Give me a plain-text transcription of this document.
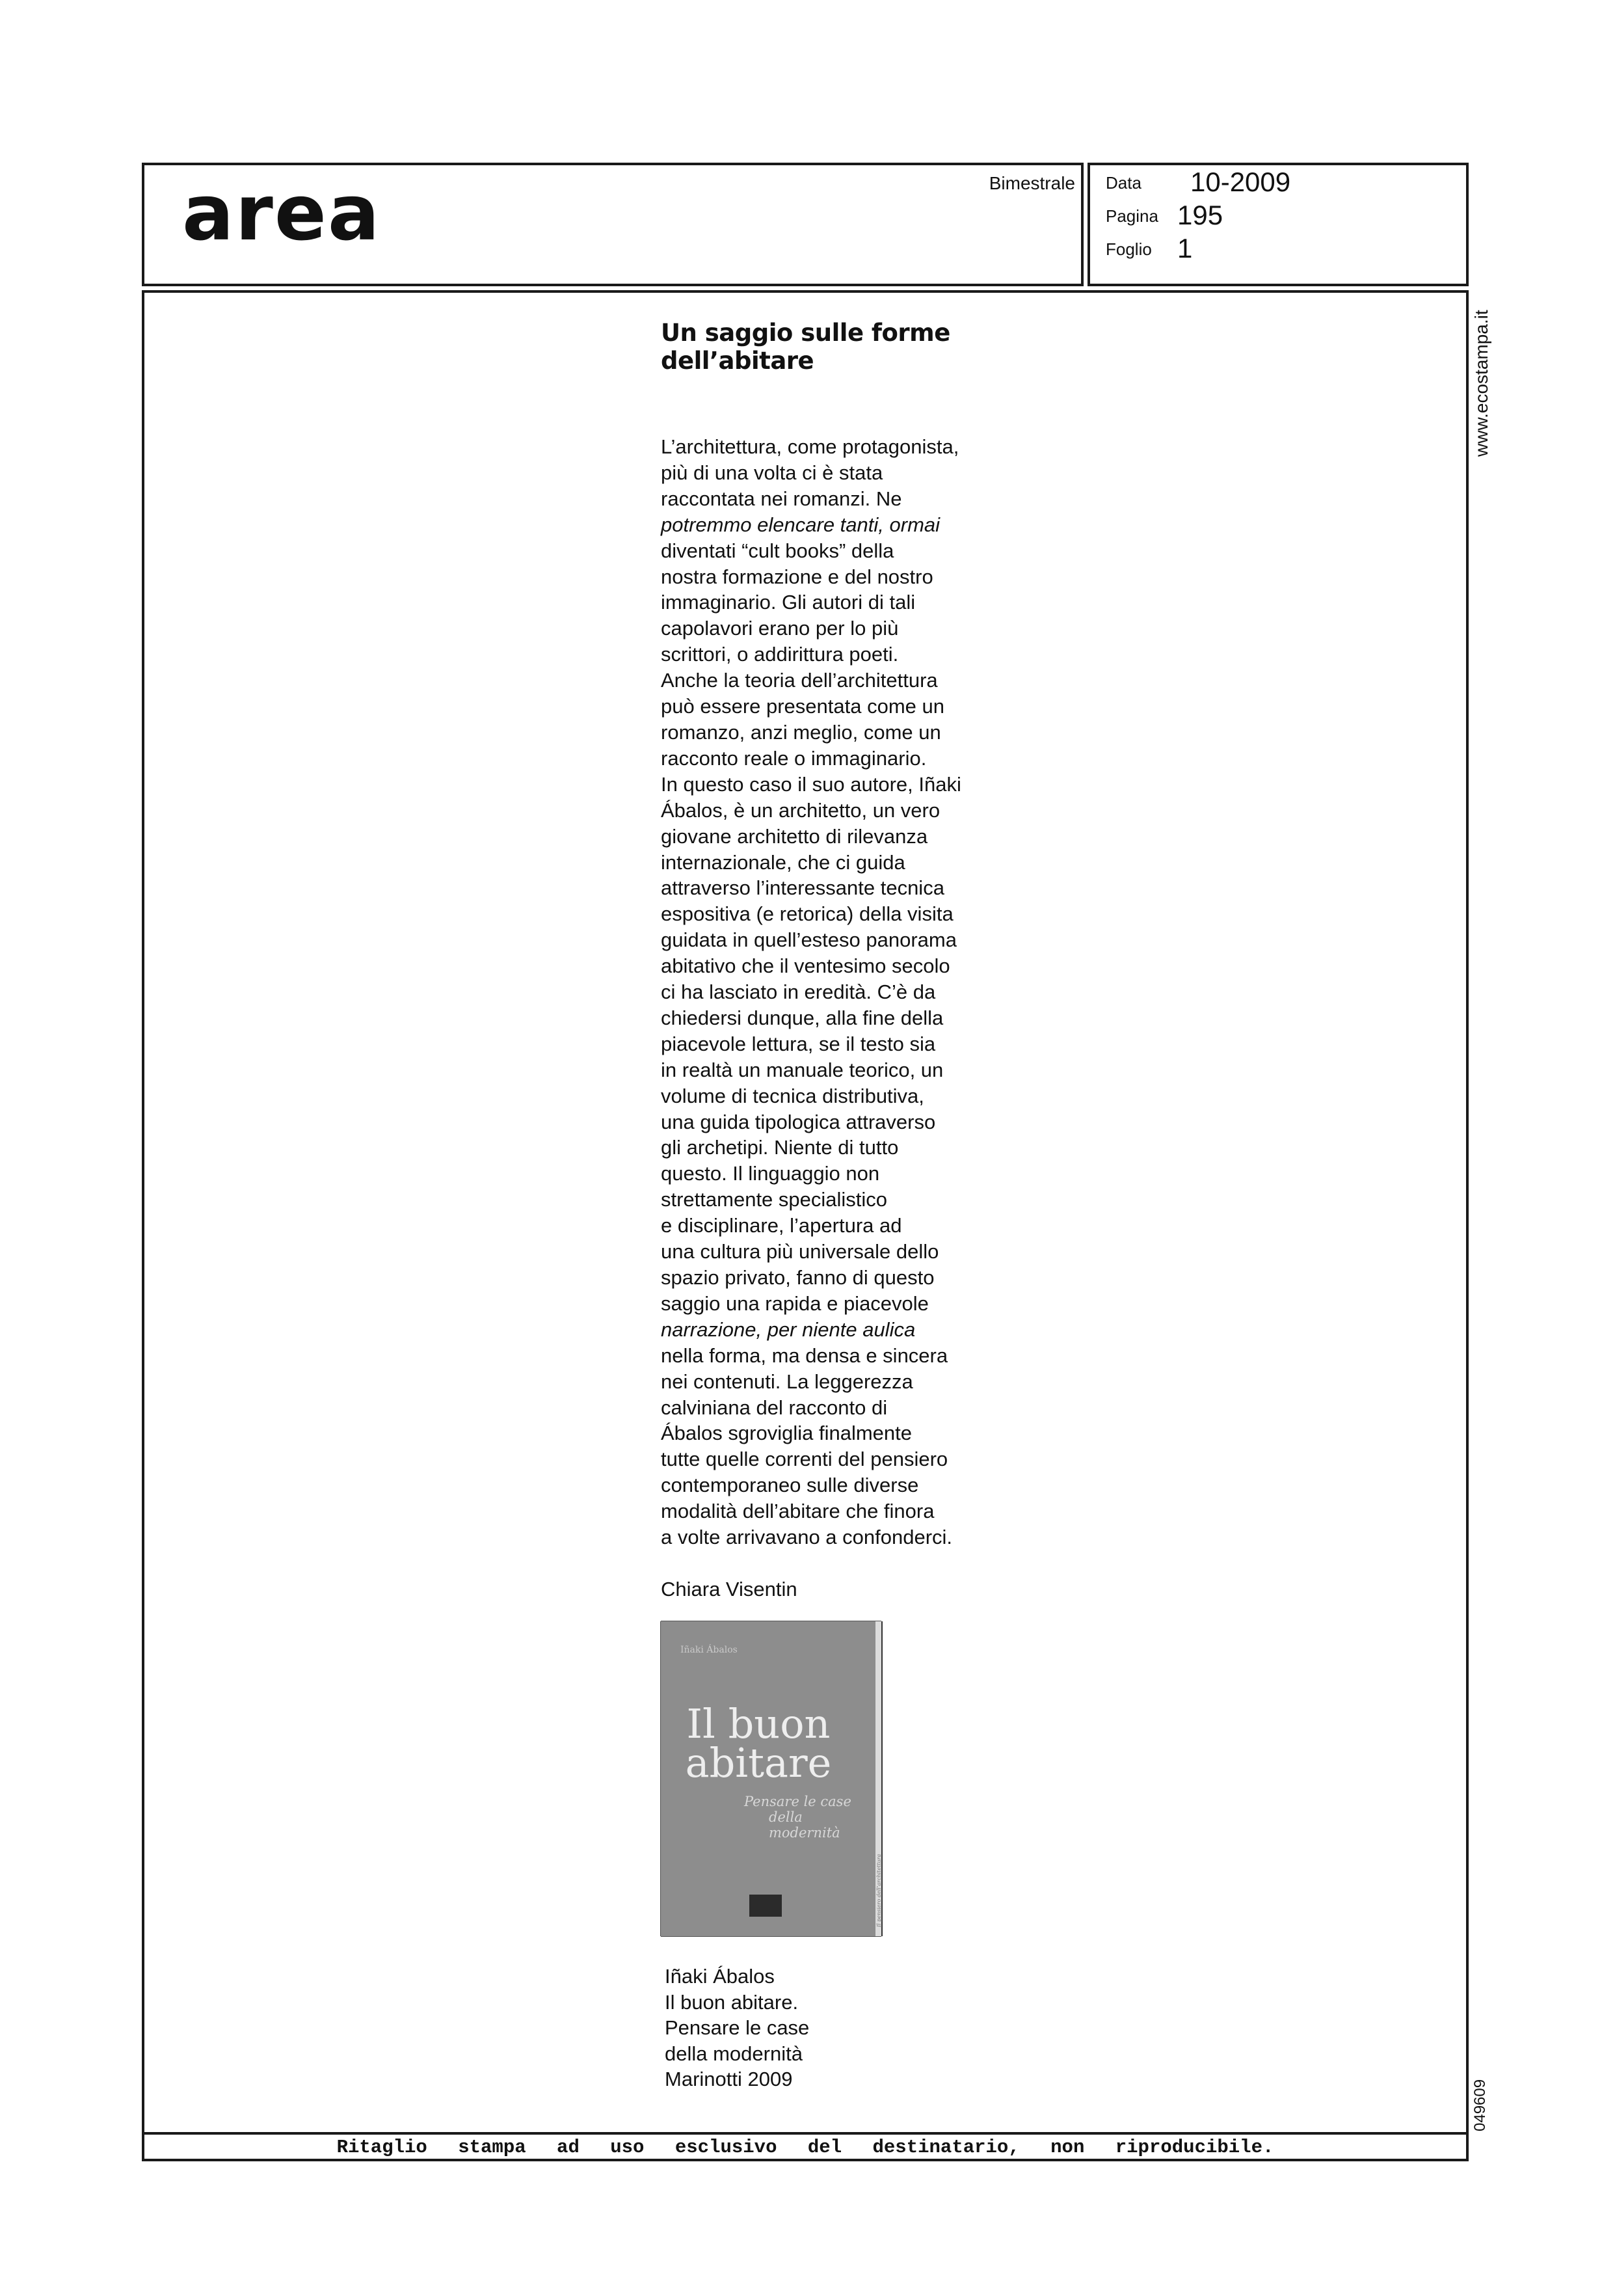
area	Bimestrale Data 10-2009
Pagina 195
Foglio 1
www.ecostampa.it
049609
Un saggio sulle forme
dell’abitare
L’architettura, come protagonista,
più di una volta ci è stata
raccontata nei romanzi. Ne
potremmo elencare tanti, ormai
diventati “cult books” della
nostra formazione e del nostro
immaginario. Gli autori di tali
capolavori erano per lo più
scrittori, o addirittura poeti.
Anche la teoria dell’architettura
può essere presentata come un
romanzo, anzi meglio, come un
racconto reale o immaginario.
In questo caso il suo autore, Iñaki
Ábalos, è un architetto, un vero
giovane architetto di rilevanza
internazionale, che ci guida
attraverso l’interessante tecnica
espositiva (e retorica) della visita
guidata in quell’esteso panorama
abitativo che il ventesimo secolo
ci ha lasciato in eredità. C’è da
chiedersi dunque, alla fine della
piacevole lettura, se il testo sia
in realtà un manuale teorico, un
volume di tecnica distributiva,
una guida tipologica attraverso
gli archetipi. Niente di tutto
questo. Il linguaggio non
strettamente specialistico
e disciplinare, l’apertura ad
una cultura più universale dello
spazio privato, fanno di questo
saggio una rapida e piacevole
narrazione, per niente aulica
nella forma, ma densa e sincera
nei contenuti. La leggerezza
calviniana del racconto di
Ábalos sgroviglia finalmente
tutte quelle correnti del pensiero
contemporaneo sulle diverse
modalità dell’abitare che finora
a volte arrivavano a confonderci.
Chiara Visentin
Iñaki Ábalos
Il buon
abitare
Pensare le case
della modernità
Il pensiero dell’architettura
Iñaki Ábalos
Il buon abitare.
Pensare le case
della modernità
Marinotti 2009
Ritaglio stampa ad uso esclusivo del destinatario, non riproducibile.
